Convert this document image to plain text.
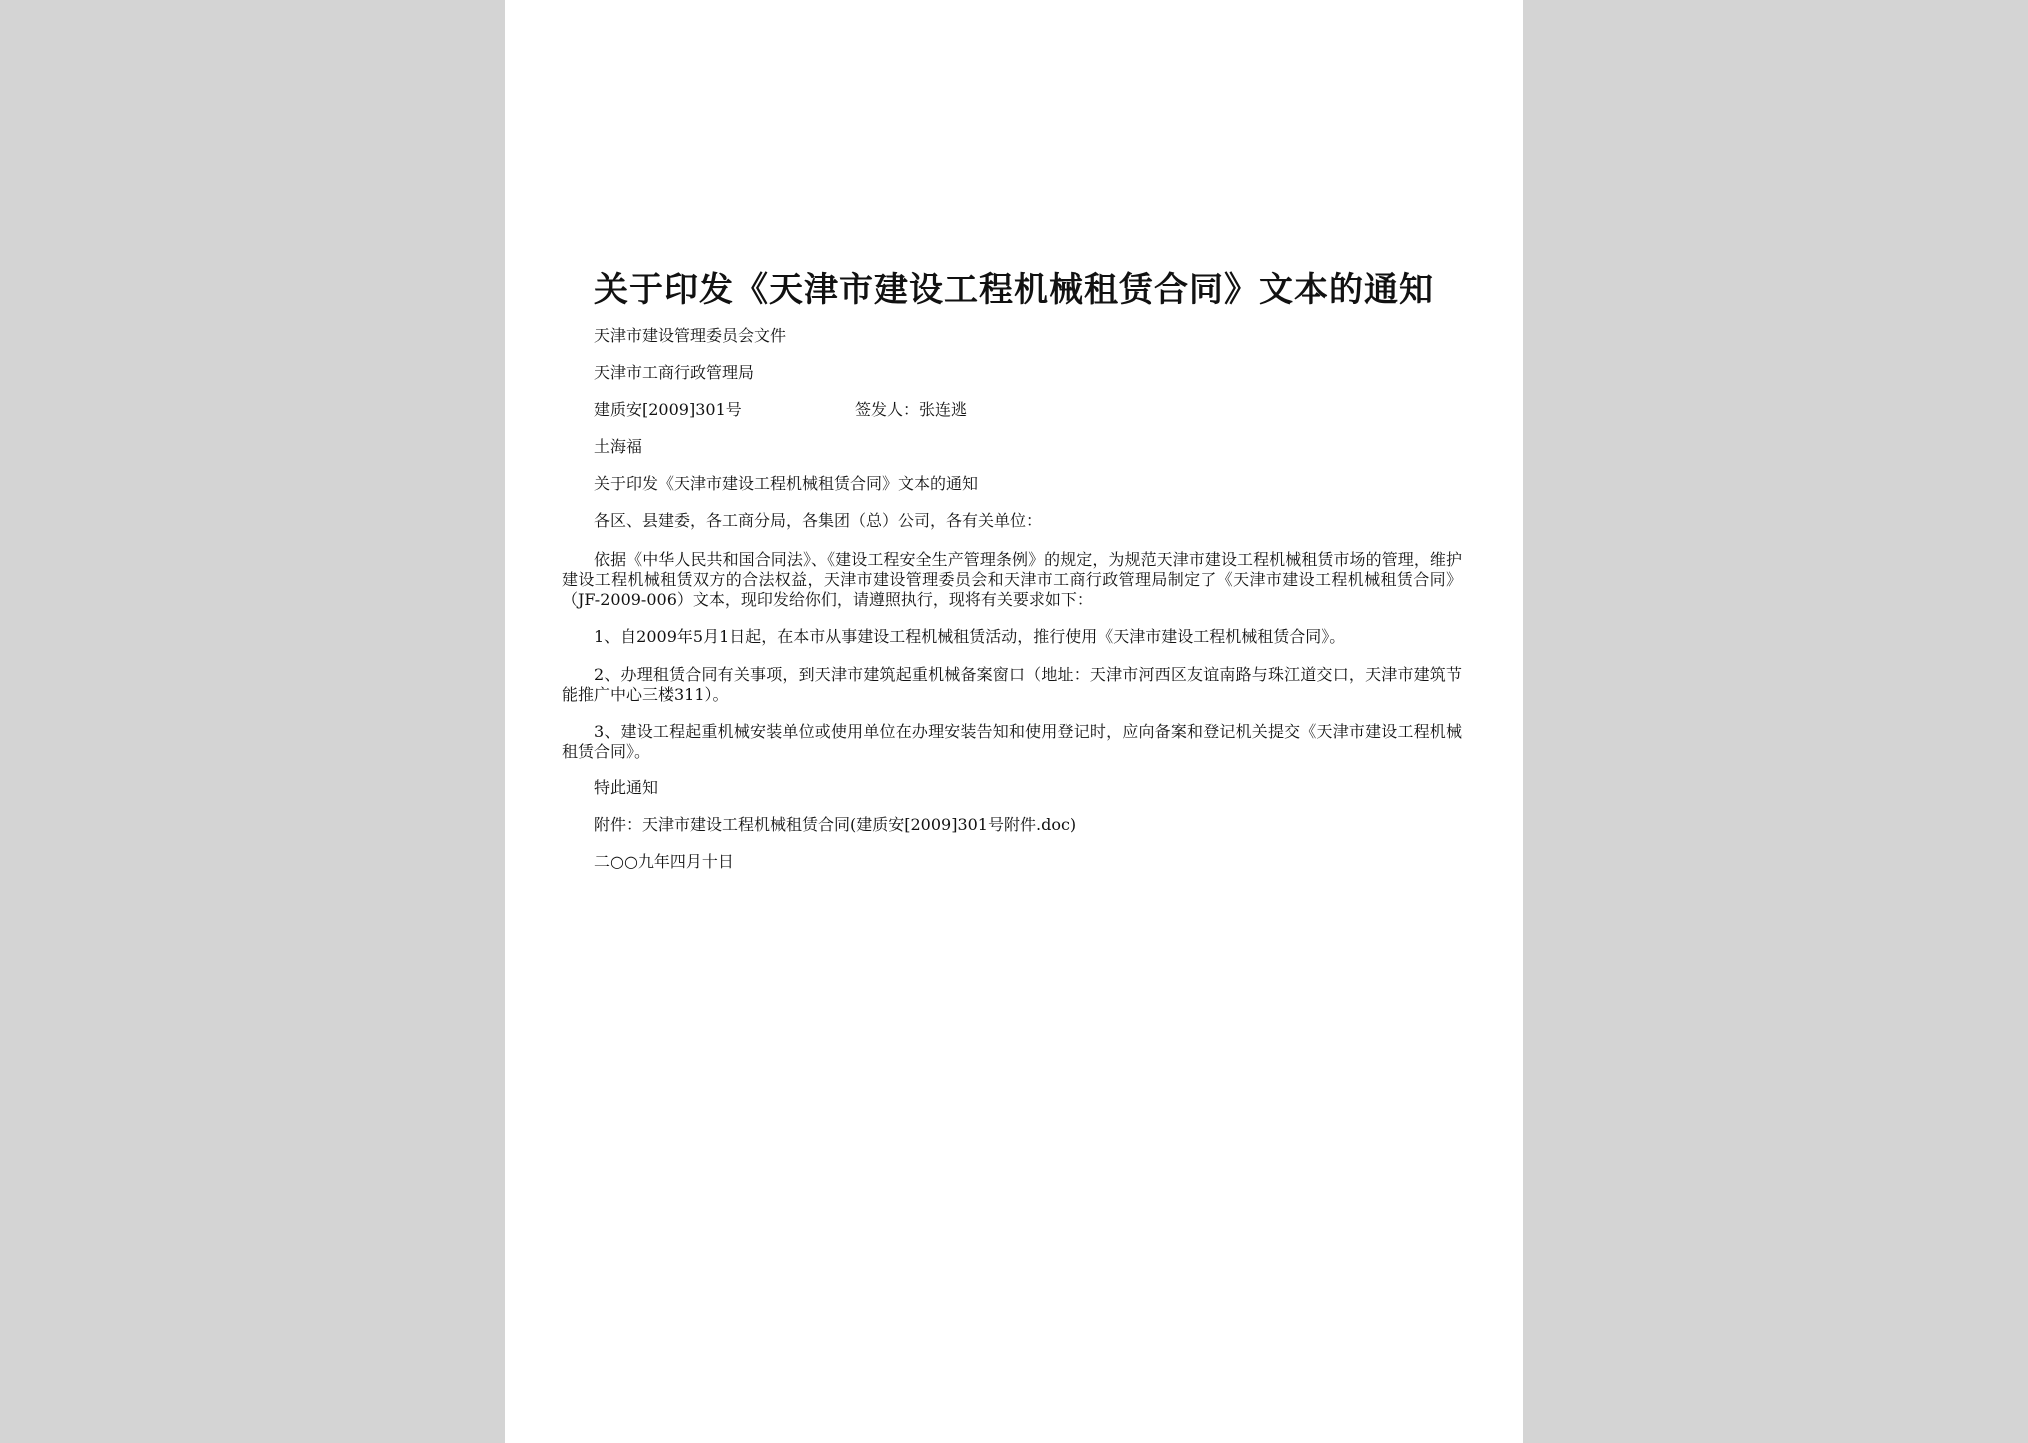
关于印发《天津市建设工程机械租赁合同》文本的通知
天津市建设管理委员会文件
天津市工商行政管理局
建质安[2009]301号	签发人：张连逃
土海福
关于印发《天津市建设工程机械租赁合同》文本的通知
各区、县建委，各工商分局，各集团（总）公司，各有关单位：
依据《中华人民共和国合同法》、《建设工程安全生产管理条例》的规定，为规范天津市建设工程机械租赁市场的管理，维护建设工程机械租赁双方的合法权益，天津市建设管理委员会和天津市工商行政管理局制定了《天津市建设工程机械租赁合同》（JF-2009-006）文本，现印发给你们，请遵照执行，现将有关要求如下：
1、自2009年5月1日起，在本市从事建设工程机械租赁活动，推行使用《天津市建设工程机械租赁合同》。
2、办理租赁合同有关事项，到天津市建筑起重机械备案窗口（地址：天津市河西区友谊南路与珠江道交口，天津市建筑节能推广中心三楼311）。
3、建设工程起重机械安装单位或使用单位在办理安装告知和使用登记时，应向备案和登记机关提交《天津市建设工程机械租赁合同》。
特此通知
附件：天津市建设工程机械租赁合同(建质安[2009]301号附件.doc)
二○○九年四月十日
